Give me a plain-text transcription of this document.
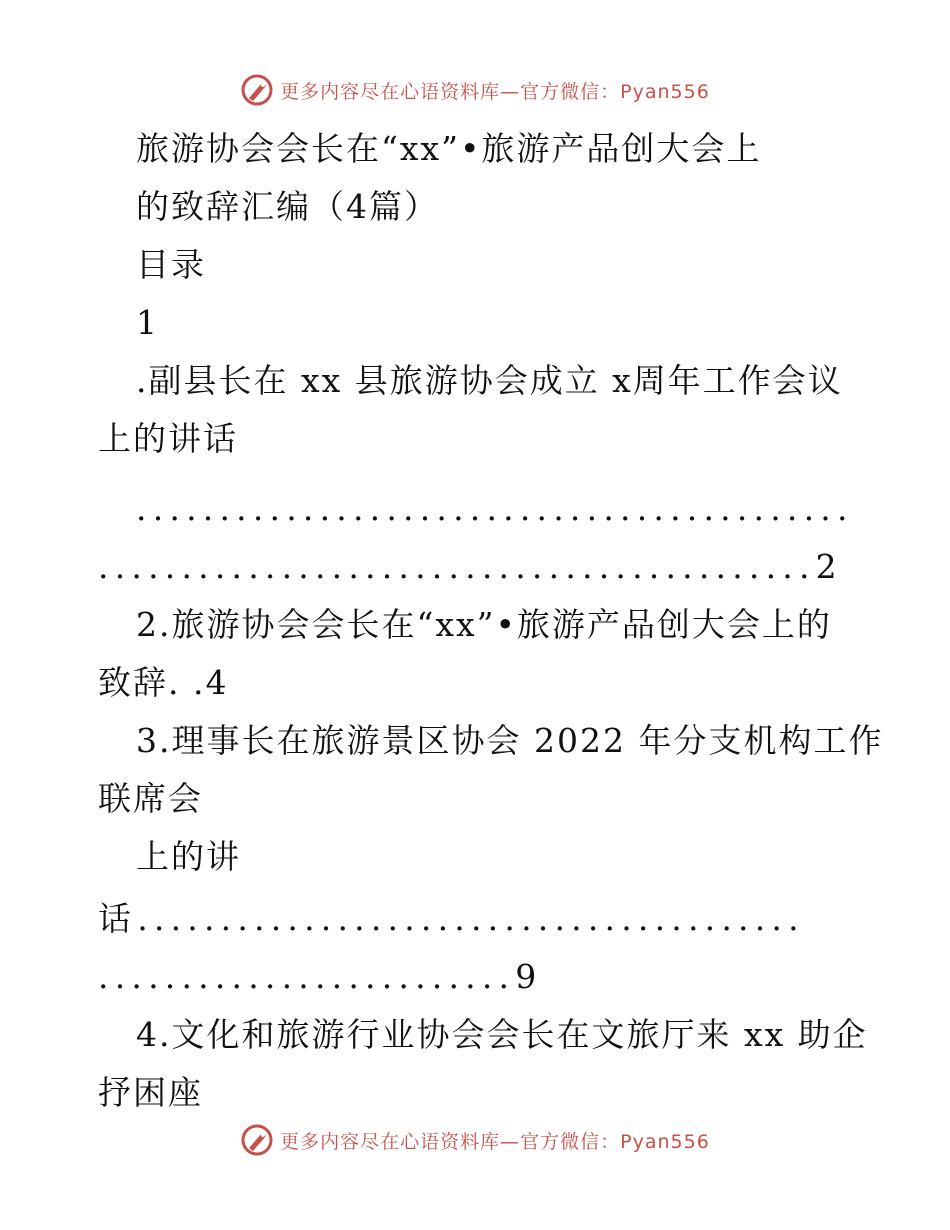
更多内容尽在心语资料库—官方微信：Pyan556
旅游协会会长在“xx”•旅游产品创大会上
的致辞汇编（4篇）
目录
1
.副县长在 xx 县旅游协会成立 x周年工作会议
上的讲话
...........................................
...........................................2
2.旅游协会会长在“xx”•旅游产品创大会上的
致辞. .4
3.理事长在旅游景区协会 2022 年分支机构工作
联席会
上的讲
话........................................
.........................9
4.文化和旅游行业协会会长在文旅厅来 xx 助企
抒困座
更多内容尽在心语资料库—官方微信：Pyan556
